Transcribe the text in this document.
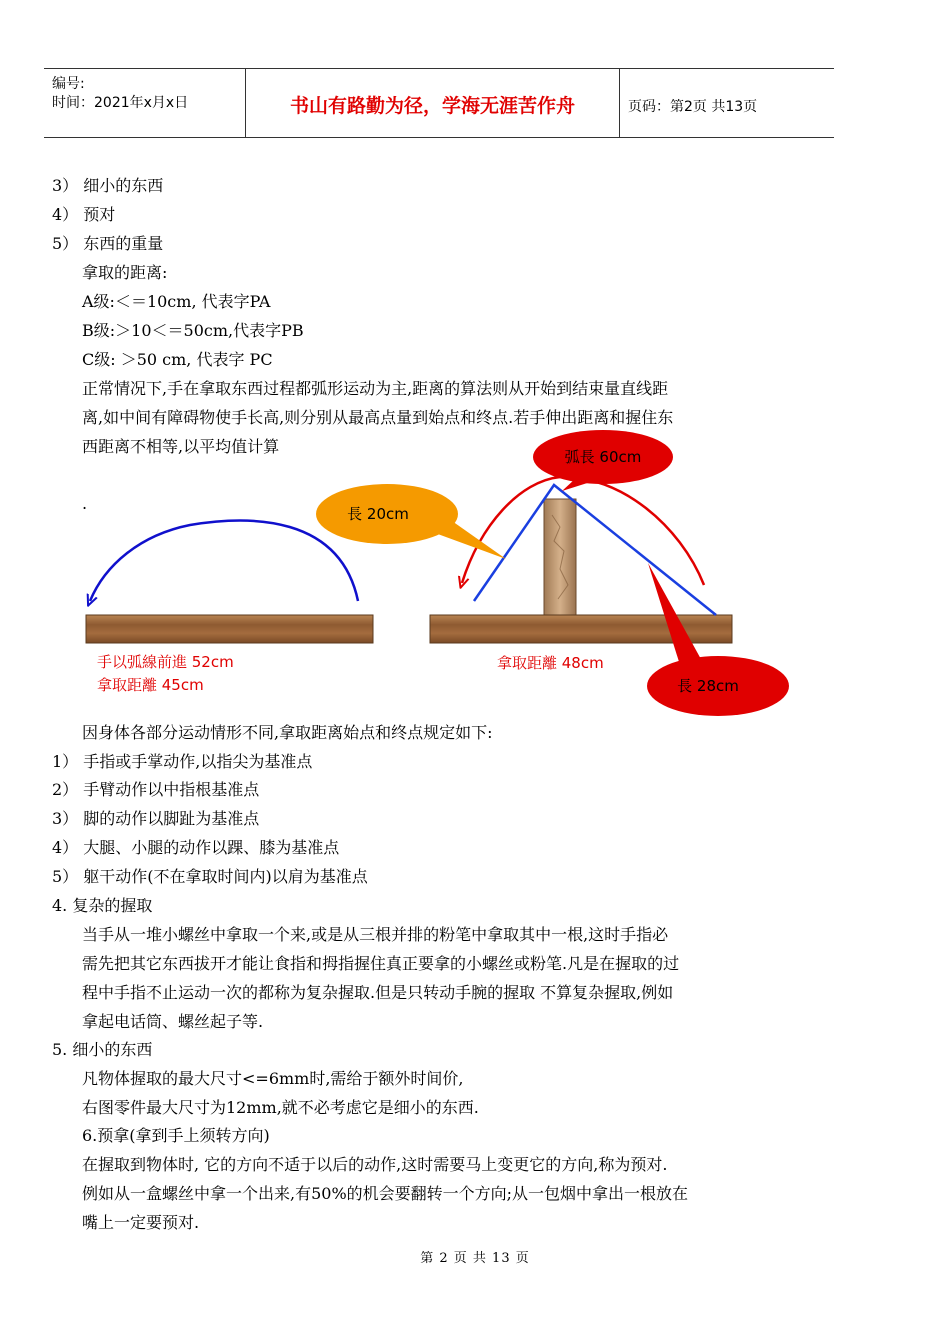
编号:
时间：2021年x月x日	书山有路勤为径，学海无涯苦作舟	页码：第2页 共13页
3） 细小的东西
4） 预对
5） 东西的重量
拿取的距离:
A级:＜＝10cm, 代表字PA
B级:＞10＜＝50cm,代表字PB
C级: ＞50 cm, 代表字 PC
正常情况下,手在拿取东西过程都弧形运动为主,距离的算法则从开始到结束量直线距
离,如中间有障碍物使手长高,则分别从最高点量到始点和终点.若手伸出距离和握住东
西距离不相等,以平均值计算
.
手以弧線前進 52cm
拿取距離 45cm
弧長 60cm
長 20cm
長 28cm
拿取距離 48cm
因身体各部分运动情形不同,拿取距离始点和终点规定如下:
1） 手指或手掌动作,以指尖为基准点
2） 手臂动作以中指根基准点
3） 脚的动作以脚趾为基准点
4） 大腿、小腿的动作以踝、膝为基准点
5） 躯干动作(不在拿取时间内)以肩为基准点
4. 复杂的握取
当手从一堆小螺丝中拿取一个来,或是从三根并排的粉笔中拿取其中一根,这时手指必
需先把其它东西拔开才能让食指和拇指握住真正要拿的小螺丝或粉笔.凡是在握取的过
程中手指不止运动一次的都称为复杂握取.但是只转动手腕的握取 不算复杂握取,例如
拿起电话筒、螺丝起子等.
5. 细小的东西
凡物体握取的最大尺寸<=6mm时,需给于额外时间价,
右图零件最大尺寸为12mm,就不必考虑它是细小的东西.
6.预拿(拿到手上须转方向)
在握取到物体时, 它的方向不适于以后的动作,这时需要马上变更它的方向,称为预对.
例如从一盒螺丝中拿一个出来,有50%的机会要翻转一个方向;从一包烟中拿出一根放在
嘴上一定要预对.
第 2 页 共 13 页
